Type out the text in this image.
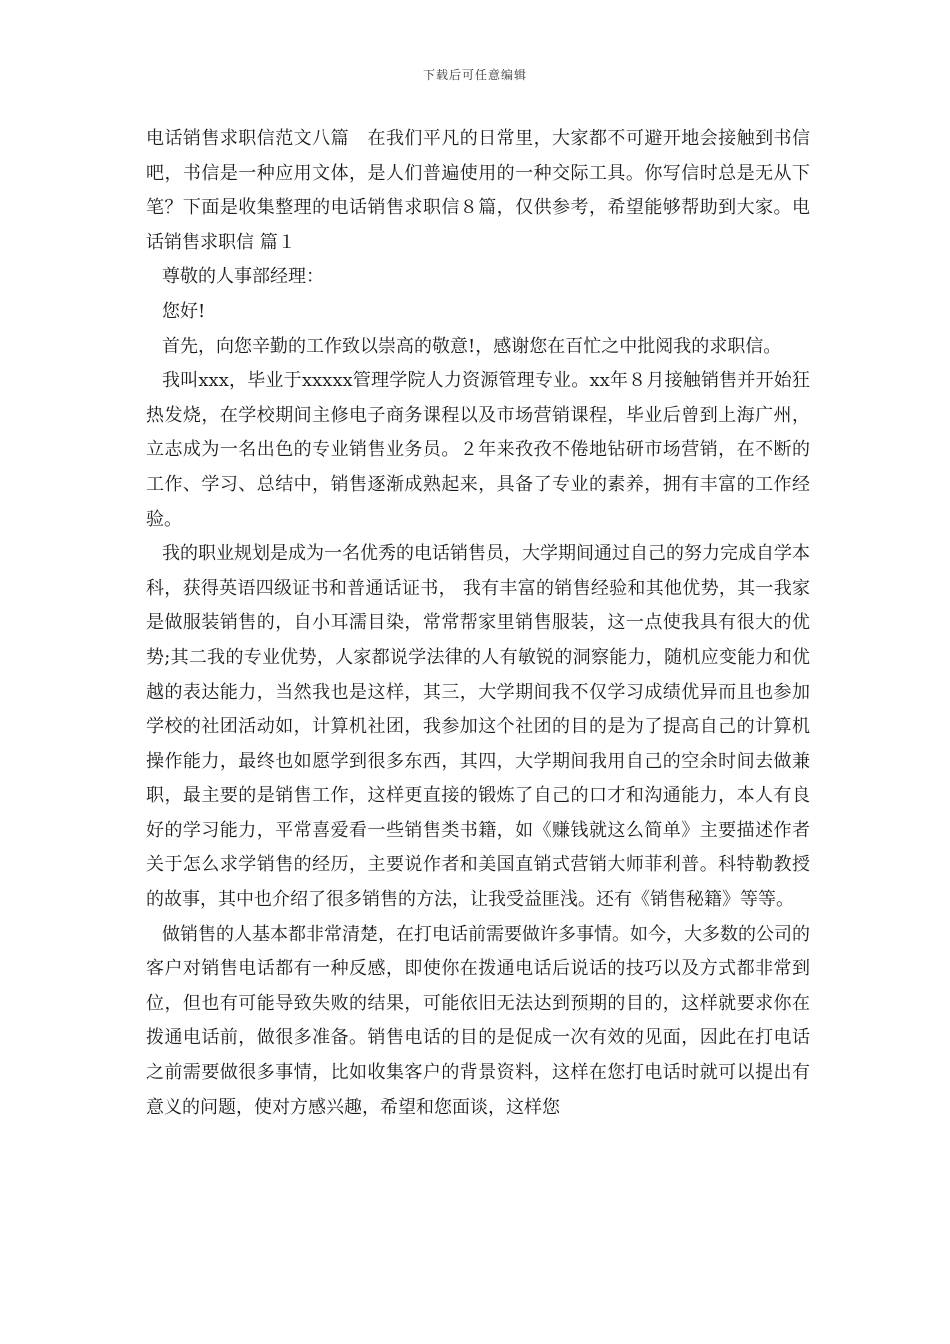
下载后可任意编辑

电话销售求职信范文八篇　在我们平凡的日常里，大家都不可避开地会接触到书信吧，书信是一种应用文体，是人们普遍使用的一种交际工具。你写信时总是无从下笔？下面是收集整理的电话销售求职信８篇，仅供参考，希望能够帮助到大家。电话销售求职信 篇１

尊敬的人事部经理：

您好!

首先，向您辛勤的工作致以崇高的敬意!，感谢您在百忙之中批阅我的求职信。

我叫xxx，毕业于xxxxx管理学院人力资源管理专业。xx年８月接触销售并开始狂热发烧，在学校期间主修电子商务课程以及市场营销课程，毕业后曾到上海广州，立志成为一名出色的专业销售业务员。２年来孜孜不倦地钻研市场营销，在不断的工作、学习、总结中，销售逐渐成熟起来，具备了专业的素养，拥有丰富的工作经验。

我的职业规划是成为一名优秀的电话销售员，大学期间通过自己的努力完成自学本科，获得英语四级证书和普通话证书， 我有丰富的销售经验和其他优势，其一我家是做服装销售的，自小耳濡目染，常常帮家里销售服装，这一点使我具有很大的优势;其二我的专业优势，人家都说学法律的人有敏锐的洞察能力，随机应变能力和优越的表达能力，当然我也是这样，其三，大学期间我不仅学习成绩优异而且也参加学校的社团活动如，计算机社团，我参加这个社团的目的是为了提高自己的计算机操作能力，最终也如愿学到很多东西，其四，大学期间我用自己的空余时间去做兼职，最主要的是销售工作，这样更直接的锻炼了自己的口才和沟通能力，本人有良好的学习能力，平常喜爱看一些销售类书籍，如《赚钱就这么简单》主要描述作者关于怎么求学销售的经历，主要说作者和美国直销式营销大师菲利普。科特勒教授的故事，其中也介绍了很多销售的方法，让我受益匪浅。还有《销售秘籍》等等。

做销售的人基本都非常清楚，在打电话前需要做许多事情。如今，大多数的公司的客户对销售电话都有一种反感，即使你在拨通电话后说话的技巧以及方式都非常到位，但也有可能导致失败的结果，可能依旧无法达到预期的目的，这样就要求你在拨通电话前，做很多准备。销售电话的目的是促成一次有效的见面，因此在打电话之前需要做很多事情，比如收集客户的背景资料，这样在您打电话时就可以提出有意义的问题，使对方感兴趣，希望和您面谈，这样您
